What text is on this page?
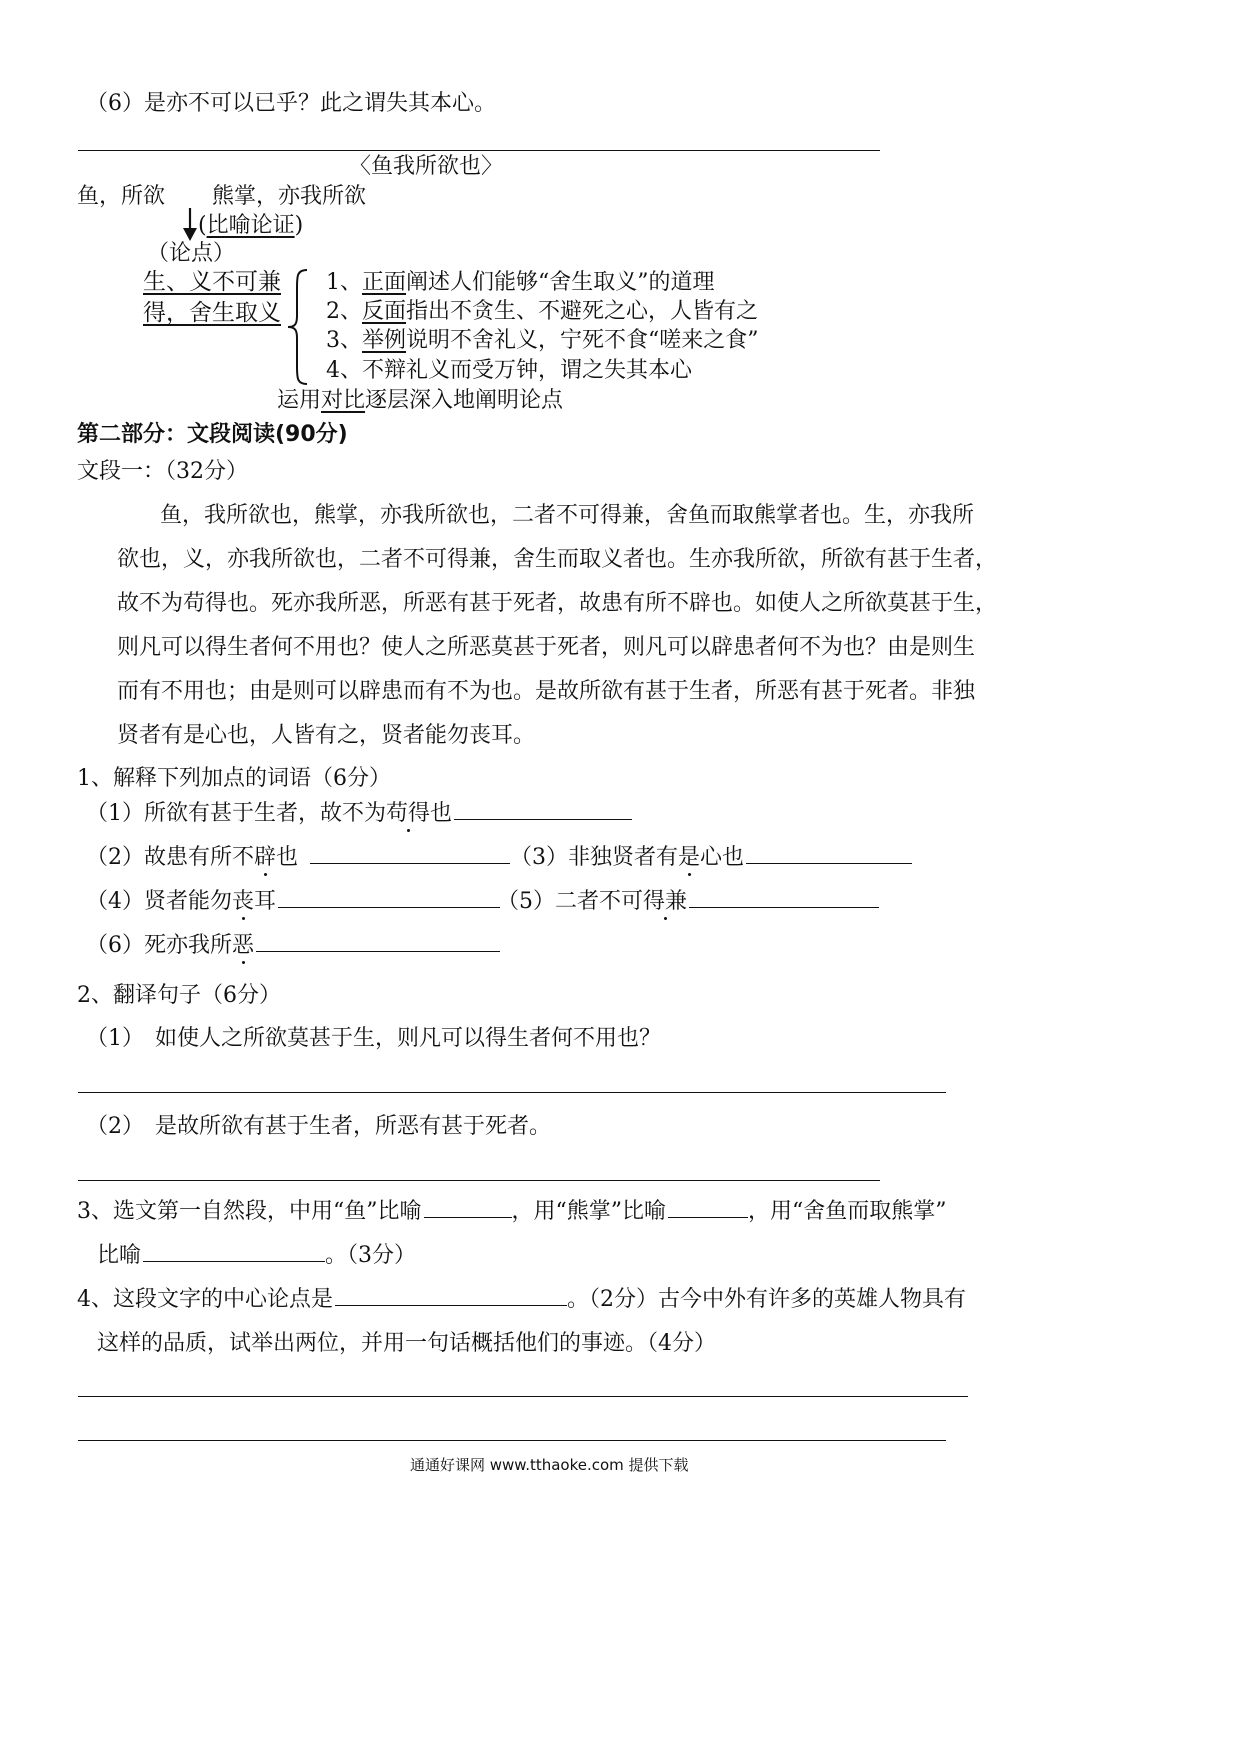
（6）是亦不可以已乎？此之谓失其本心。
〈鱼我所欲也〉
鱼，所欲 熊掌，亦我所欲
(比喻论证)
（论点）
生、义不可兼
得，舍生取义
1、正面阐述人们能够“舍生取义”的道理
2、反面指出不贪生、不避死之心，人皆有之
3、举例说明不舍礼义，宁死不食“嗟来之食”
4、不辩礼义而受万钟，谓之失其本心
运用对比逐层深入地阐明论点
第二部分：文段阅读(90分)
文段一：（32分）
鱼，我所欲也，熊掌，亦我所欲也，二者不可得兼，舍鱼而取熊掌者也。生，亦我所
欲也，义，亦我所欲也，二者不可得兼，舍生而取义者也。生亦我所欲，所欲有甚于生者，
故不为苟得也。死亦我所恶，所恶有甚于死者，故患有所不辟也。如使人之所欲莫甚于生，
则凡可以得生者何不用也？使人之所恶莫甚于死者，则凡可以辟患者何不为也？由是则生
而有不用也；由是则可以辟患而有不为也。是故所欲有甚于生者，所恶有甚于死者。非独
贤者有是心也，人皆有之，贤者能勿丧耳。
1、解释下列加点的词语（6分）
（1）所欲有甚于生者，故不为苟得也
（2）故患有所不辟也	（3）非独贤者有是心也
（4）贤者能勿丧耳	（5）二者不可得兼
（6）死亦我所恶
2、翻译句子（6分）
（1）　如使人之所欲莫甚于生，则凡可以得生者何不用也？
（2）　是故所欲有甚于生者，所恶有甚于死者。
3、选文第一自然段，中用“鱼”比喻	，用“熊掌”比喻	，用“舍鱼而取熊掌”
比喻	。（3分）
4、这段文字的中心论点是	。（2分）古今中外有许多的英雄人物具有
这样的品质，试举出两位，并用一句话概括他们的事迹。（4分）
通通好课网 www.tthaoke.com 提供下载
